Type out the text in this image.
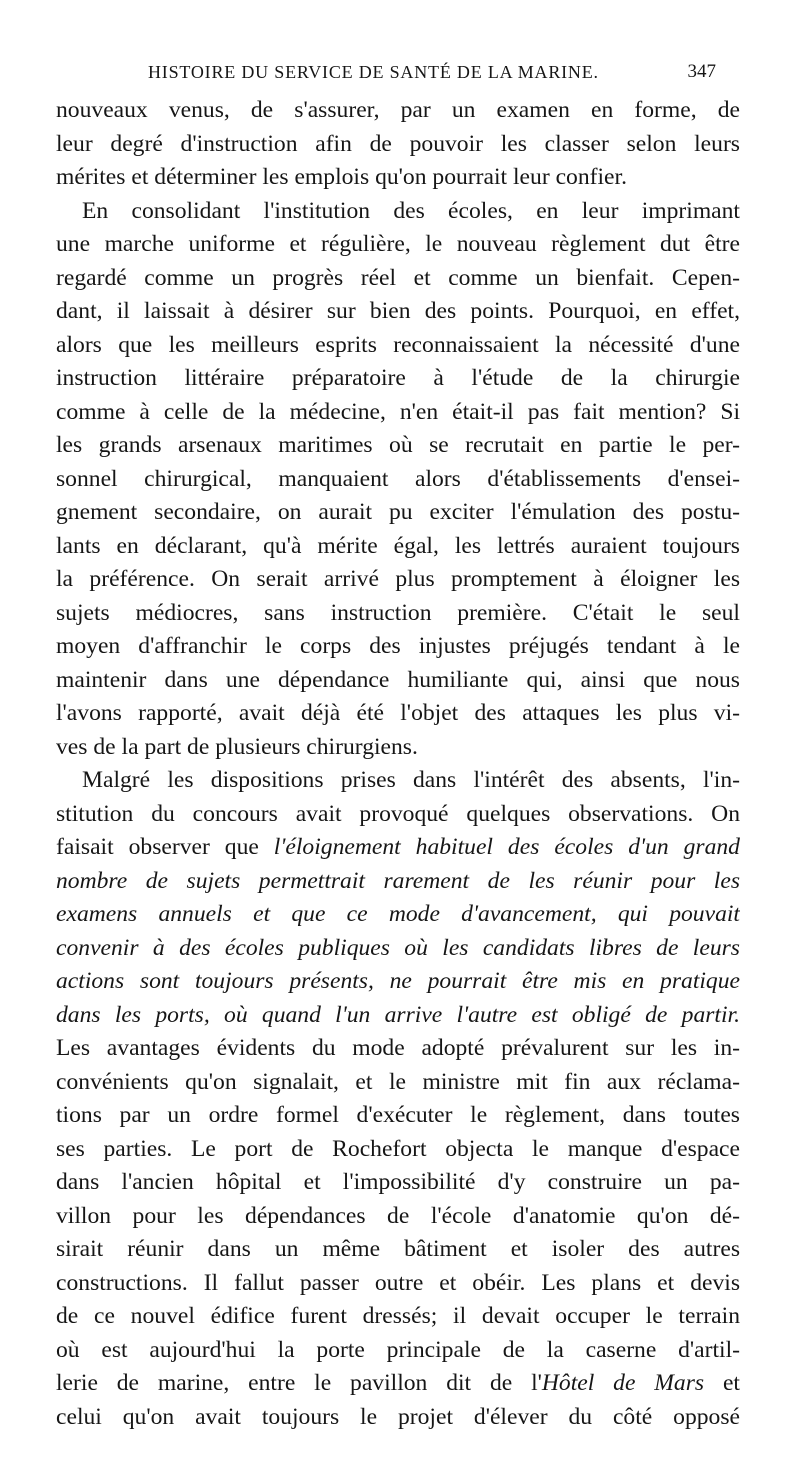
HISTOIRE DU SERVICE DE SANTÉ DE LA MARINE.	347
nouveaux venus, de s'assurer, par un examen en forme, de
leur degré d'instruction afin de pouvoir les classer selon leurs
mérites et déterminer les emplois qu'on pourrait leur confier.
En consolidant l'institution des écoles, en leur imprimant
une marche uniforme et régulière, le nouveau règlement dut être
regardé comme un progrès réel et comme un bienfait. Cepen-
dant, il laissait à désirer sur bien des points. Pourquoi, en effet,
alors que les meilleurs esprits reconnaissaient la nécessité d'une
instruction littéraire préparatoire à l'étude de la chirurgie
comme à celle de la médecine, n'en était-il pas fait mention? Si
les grands arsenaux maritimes où se recrutait en partie le per-
sonnel chirurgical, manquaient alors d'établissements d'ensei-
gnement secondaire, on aurait pu exciter l'émulation des postu-
lants en déclarant, qu'à mérite égal, les lettrés auraient toujours
la préférence. On serait arrivé plus promptement à éloigner les
sujets médiocres, sans instruction première. C'était le seul
moyen d'affranchir le corps des injustes préjugés tendant à le
maintenir dans une dépendance humiliante qui, ainsi que nous
l'avons rapporté, avait déjà été l'objet des attaques les plus vi-
ves de la part de plusieurs chirurgiens.
Malgré les dispositions prises dans l'intérêt des absents, l'in-
stitution du concours avait provoqué quelques observations. On
faisait observer que l'éloignement habituel des écoles d'un grand
nombre de sujets permettrait rarement de les réunir pour les
examens annuels et que ce mode d'avancement, qui pouvait
convenir à des écoles publiques où les candidats libres de leurs
actions sont toujours présents, ne pourrait être mis en pratique
dans les ports, où quand l'un arrive l'autre est obligé de partir.
Les avantages évidents du mode adopté prévalurent sur les in-
convénients qu'on signalait, et le ministre mit fin aux réclama-
tions par un ordre formel d'exécuter le règlement, dans toutes
ses parties. Le port de Rochefort objecta le manque d'espace
dans l'ancien hôpital et l'impossibilité d'y construire un pa-
villon pour les dépendances de l'école d'anatomie qu'on dé-
sirait réunir dans un même bâtiment et isoler des autres
constructions. Il fallut passer outre et obéir. Les plans et devis
de ce nouvel édifice furent dressés; il devait occuper le terrain
où est aujourd'hui la porte principale de la caserne d'artil-
lerie de marine, entre le pavillon dit de l'Hôtel de Mars et
celui qu'on avait toujours le projet d'élever du côté opposé
